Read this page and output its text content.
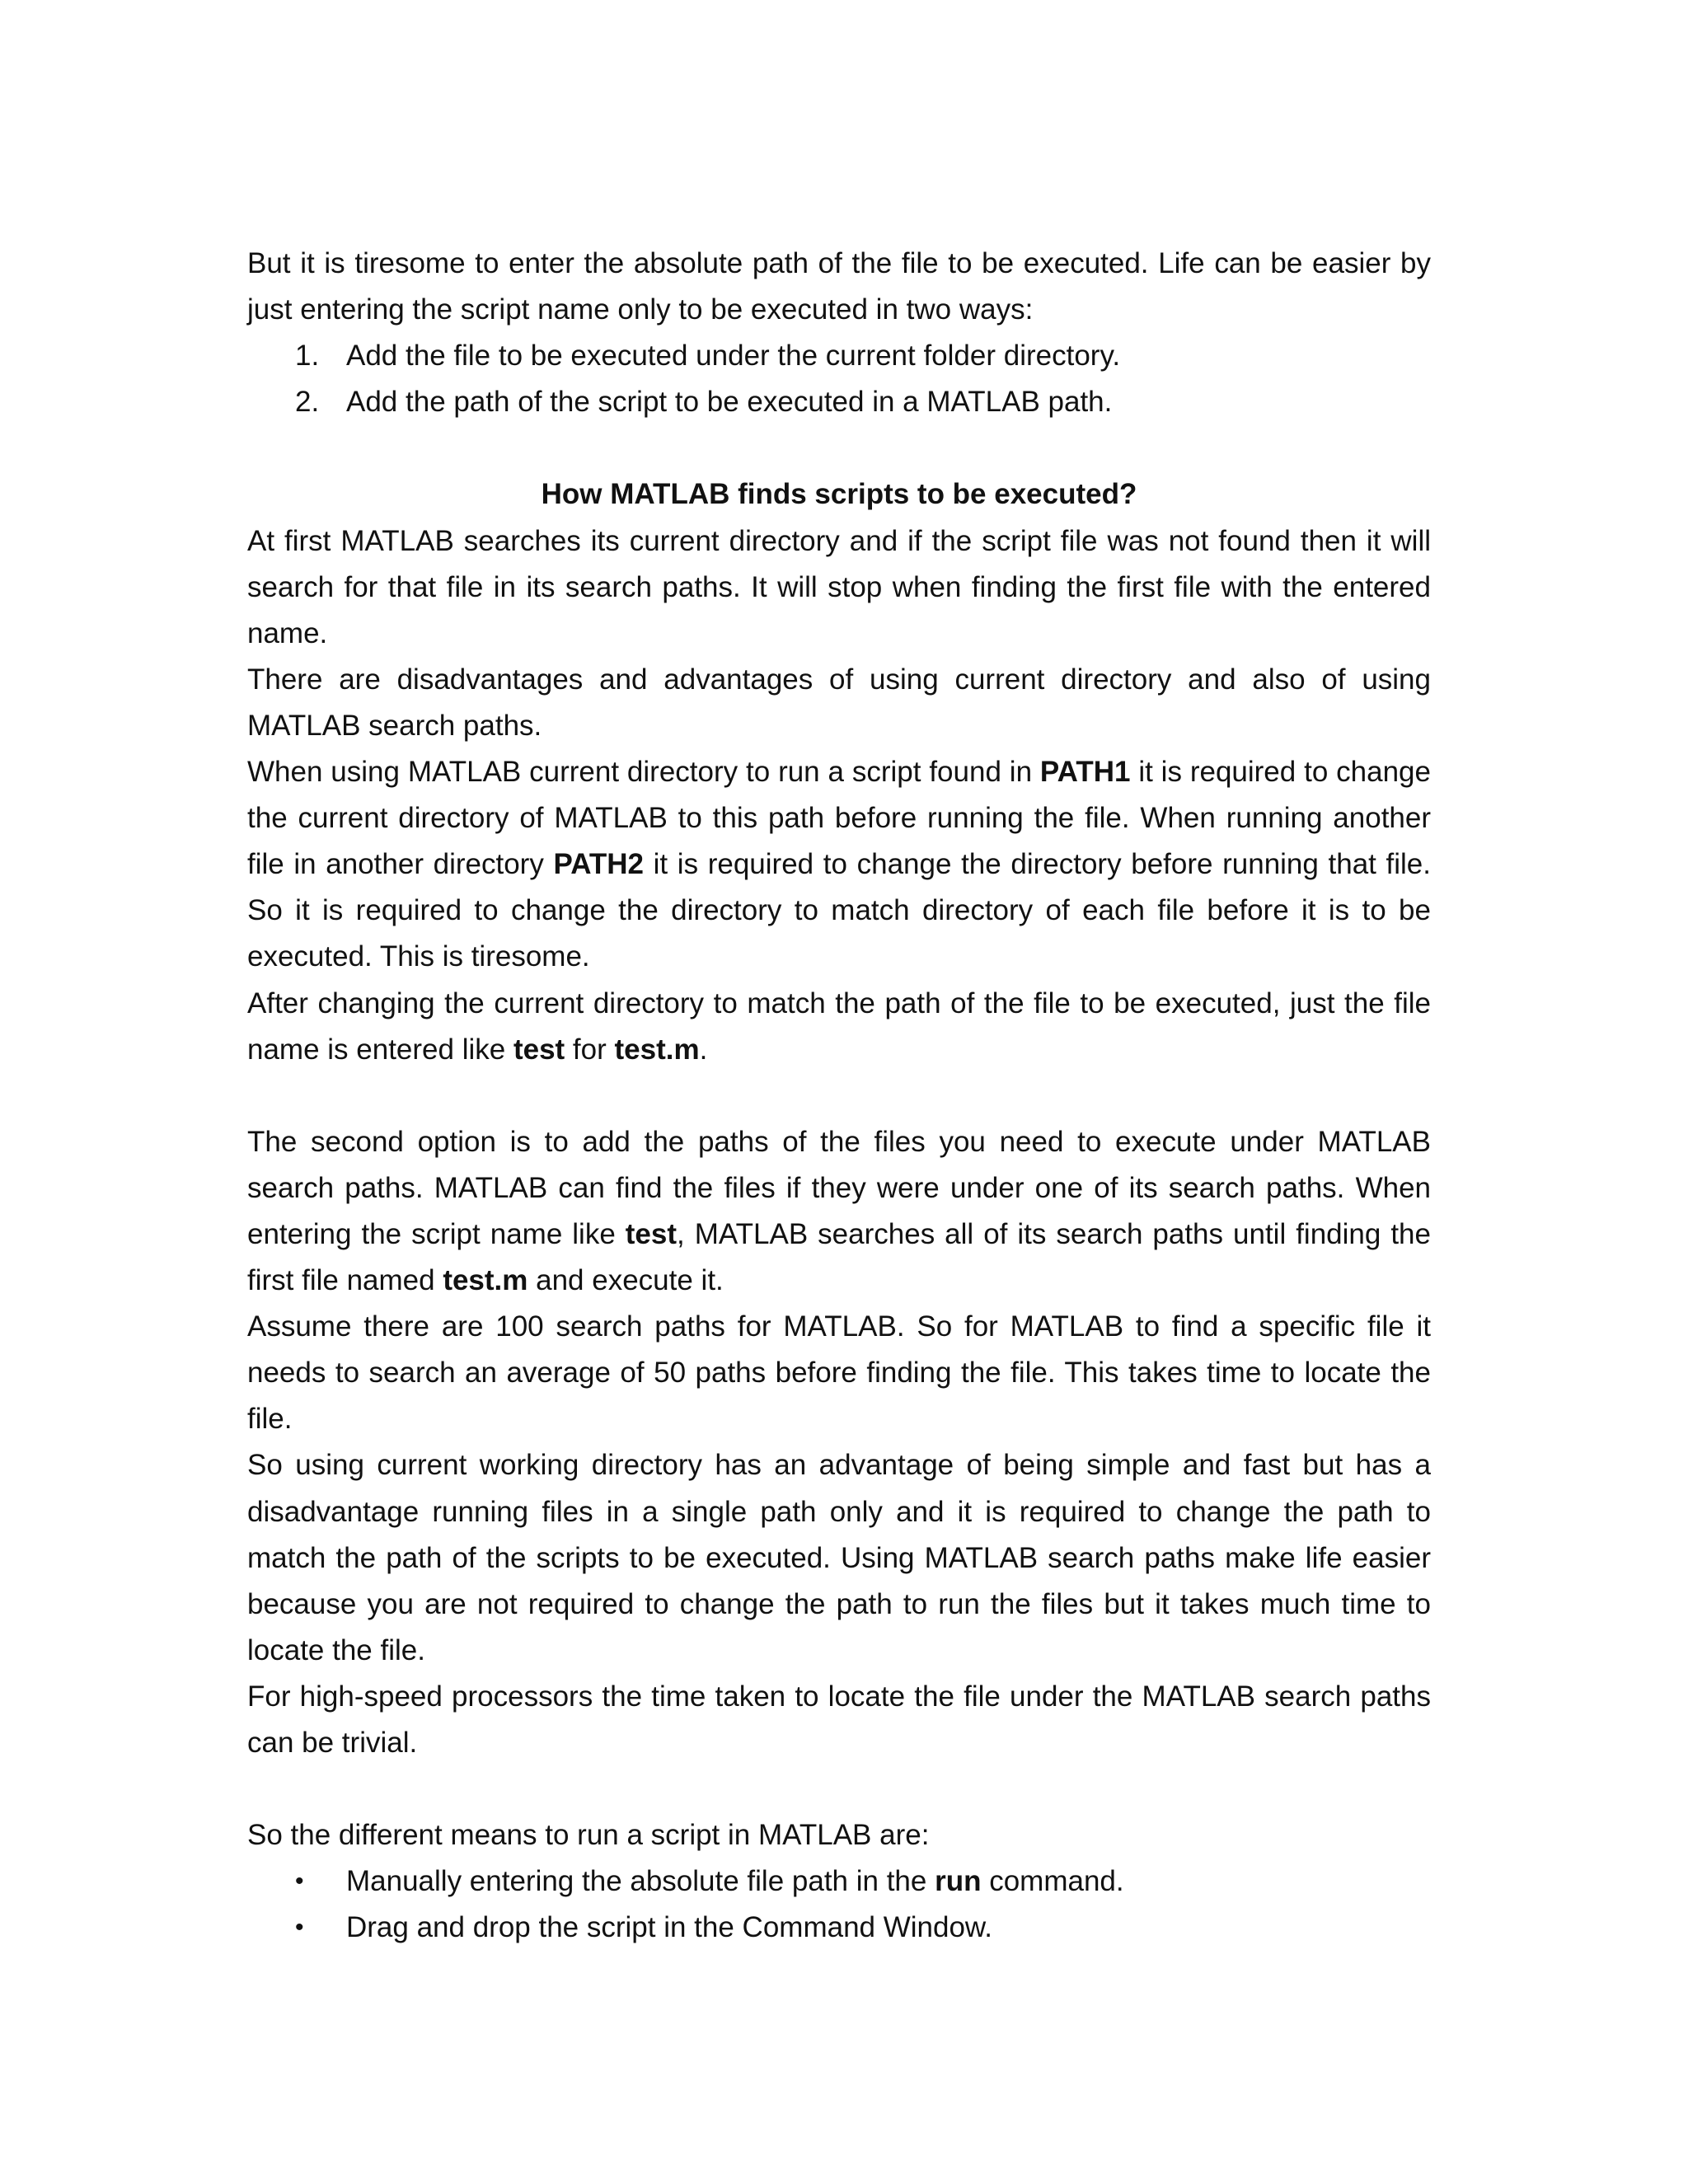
But it is tiresome to enter the absolute path of the file to be executed. Life can be easier by just entering the script name only to be executed in two ways:

1. Add the file to be executed under the current folder directory.
2. Add the path of the script to be executed in a MATLAB path.

How MATLAB finds scripts to be executed?

At first MATLAB searches its current directory and if the script file was not found then it will search for that file in its search paths. It will stop when finding the first file with the entered name.

There are disadvantages and advantages of using current directory and also of using MATLAB search paths.

When using MATLAB current directory to run a script found in PATH1 it is required to change the current directory of MATLAB to this path before running the file. When running another file in another directory PATH2 it is required to change the directory before running that file. So it is required to change the directory to match directory of each file before it is to be executed. This is tiresome.

After changing the current directory to match the path of the file to be executed, just the file name is entered like test for test.m.

The second option is to add the paths of the files you need to execute under MATLAB search paths. MATLAB can find the files if they were under one of its search paths. When entering the script name like test, MATLAB searches all of its search paths until finding the first file named test.m and execute it.

Assume there are 100 search paths for MATLAB. So for MATLAB to find a specific file it needs to search an average of 50 paths before finding the file. This takes time to locate the file.

So using current working directory has an advantage of being simple and fast but has a disadvantage running files in a single path only and it is required to change the path to match the path of the scripts to be executed. Using MATLAB search paths make life easier because you are not required to change the path to run the files but it takes much time to locate the file.

For high-speed processors the time taken to locate the file under the MATLAB search paths can be trivial.

So the different means to run a script in MATLAB are:

• Manually entering the absolute file path in the run command.
• Drag and drop the script in the Command Window.
